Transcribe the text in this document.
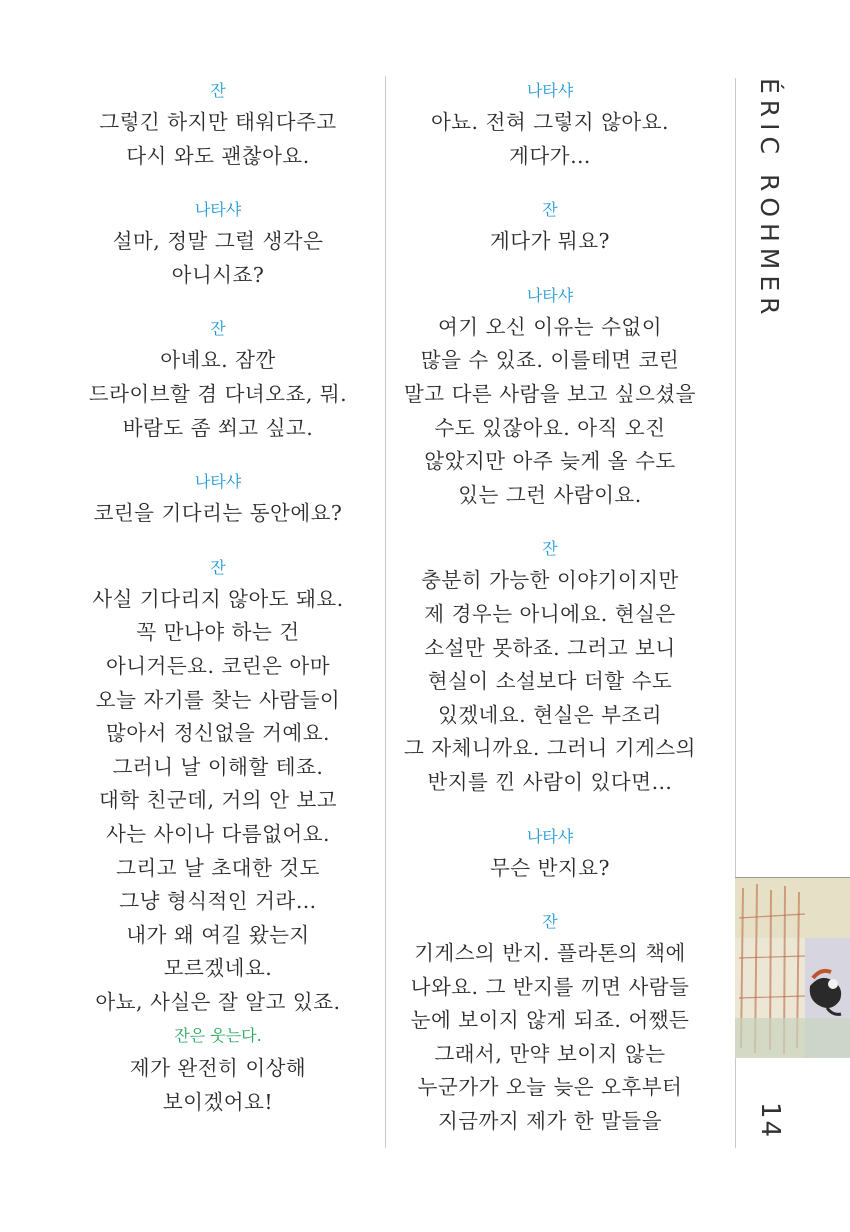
잔
그렇긴 하지만 태워다주고
다시 와도 괜찮아요.
나타샤
설마, 정말 그럴 생각은
아니시죠?
잔
아녜요. 잠깐
드라이브할 겸 다녀오죠, 뭐.
바람도 좀 쐬고 싶고.
나타샤
코린을 기다리는 동안에요?
잔
사실 기다리지 않아도 돼요.
꼭 만나야 하는 건
아니거든요. 코린은 아마
오늘 자기를 찾는 사람들이
많아서 정신없을 거예요.
그러니 날 이해할 테죠.
대학 친군데, 거의 안 보고
사는 사이나 다름없어요.
그리고 날 초대한 것도
그냥 형식적인 거라…
내가 왜 여길 왔는지
모르겠네요.
아뇨, 사실은 잘 알고 있죠.
잔은 웃는다.
제가 완전히 이상해
보이겠어요!
나타샤
아뇨. 전혀 그렇지 않아요.
게다가…
잔
게다가 뭐요?
나타샤
여기 오신 이유는 수없이
많을 수 있죠. 이를테면 코린
말고 다른 사람을 보고 싶으셨을
수도 있잖아요. 아직 오진
않았지만 아주 늦게 올 수도
있는 그런 사람이요.
잔
충분히 가능한 이야기이지만
제 경우는 아니에요. 현실은
소설만 못하죠. 그러고 보니
현실이 소설보다 더할 수도
있겠네요. 현실은 부조리
그 자체니까요. 그러니 기게스의
반지를 낀 사람이 있다면…
나타샤
무슨 반지요?
잔
기게스의 반지. 플라톤의 책에
나와요. 그 반지를 끼면 사람들
눈에 보이지 않게 되죠. 어쨌든
그래서, 만약 보이지 않는
누군가가 오늘 늦은 오후부터
지금까지 제가 한 말들을
ÉRIC ROHMER
14
